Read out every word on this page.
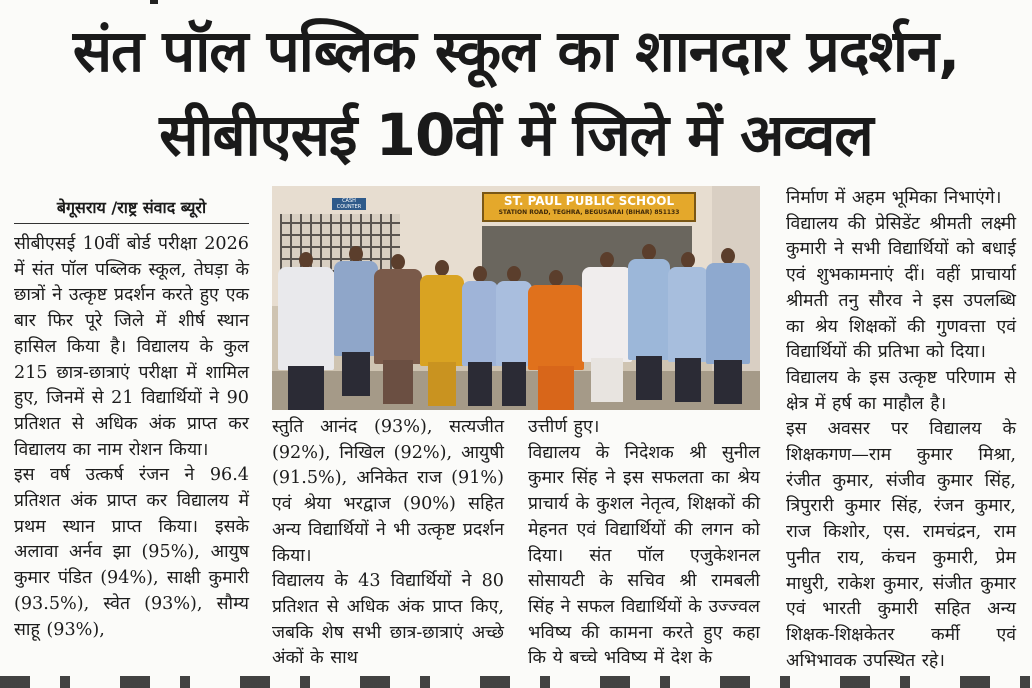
संत पॉल पब्लिक स्कूल का शानदार प्रदर्शन,
सीबीएसई 10वीं में जिले में अव्वल
बेगूसराय /राष्ट्र संवाद ब्यूरो

सीबीएसई 10वीं बोर्ड परीक्षा 2026 में संत पॉल पब्लिक स्कूल, तेघड़ा के छात्रों ने उत्कृष्ट प्रदर्शन करते हुए एक बार फिर पूरे जिले में शीर्ष स्थान हासिल किया है। विद्यालय के कुल 215 छात्र-छात्राएं परीक्षा में शामिल हुए, जिनमें से 21 विद्यार्थियों ने 90 प्रतिशत से अधिक अंक प्राप्त कर विद्यालय का नाम रोशन किया।

इस वर्ष उत्कर्ष रंजन ने 96.4 प्रतिशत अंक प्राप्त कर विद्यालय में प्रथम स्थान प्राप्त किया। इसके अलावा अर्नव झा (95%), आयुष कुमार पंडित (94%), साक्षी कुमारी (93.5%), स्वेत (93%), सौम्य साहू (93%),

CASH COUNTER	ST. PAUL PUBLIC SCHOOL
STATION ROAD, TEGHRA, BEGUSARAI (BIHAR) 851133

स्तुति आनंद (93%), सत्यजीत (92%), निखिल (92%), आयुषी (91.5%), अनिकेत राज (91%) एवं श्रेया भरद्वाज (90%) सहित अन्य विद्यार्थियों ने भी उत्कृष्ट प्रदर्शन किया।

विद्यालय के 43 विद्यार्थियों ने 80 प्रतिशत से अधिक अंक प्राप्त किए, जबकि शेष सभी छात्र-छात्राएं अच्छे अंकों के साथ

उत्तीर्ण हुए।

विद्यालय के निदेशक श्री सुनील कुमार सिंह ने इस सफलता का श्रेय प्राचार्य के कुशल नेतृत्व, शिक्षकों की मेहनत एवं विद्यार्थियों की लगन को दिया। संत पॉल एजुकेशनल सोसायटी के सचिव श्री रामबली सिंह ने सफल विद्यार्थियों के उज्ज्वल भविष्य की कामना करते हुए कहा कि ये बच्चे भविष्य में देश के

निर्माण में अहम भूमिका निभाएंगे।

विद्यालय की प्रेसिडेंट श्रीमती लक्ष्मी कुमारी ने सभी विद्यार्थियों को बधाई एवं शुभकामनाएं दीं। वहीं प्राचार्या श्रीमती तनु सौरव ने इस उपलब्धि का श्रेय शिक्षकों की गुणवत्ता एवं विद्यार्थियों की प्रतिभा को दिया।

विद्यालय के इस उत्कृष्ट परिणाम से क्षेत्र में हर्ष का माहौल है।

इस अवसर पर विद्यालय के शिक्षकगण—राम कुमार मिश्रा, रंजीत कुमार, संजीव कुमार सिंह, त्रिपुरारी कुमार सिंह, रंजन कुमार, राज किशोर, एस. रामचंद्रन, राम पुनीत राय, कंचन कुमारी, प्रेम माधुरी, राकेश कुमार, संजीत कुमार एवं भारती कुमारी सहित अन्य शिक्षक-शिक्षकेतर कर्मी एवं अभिभावक उपस्थित रहे।
